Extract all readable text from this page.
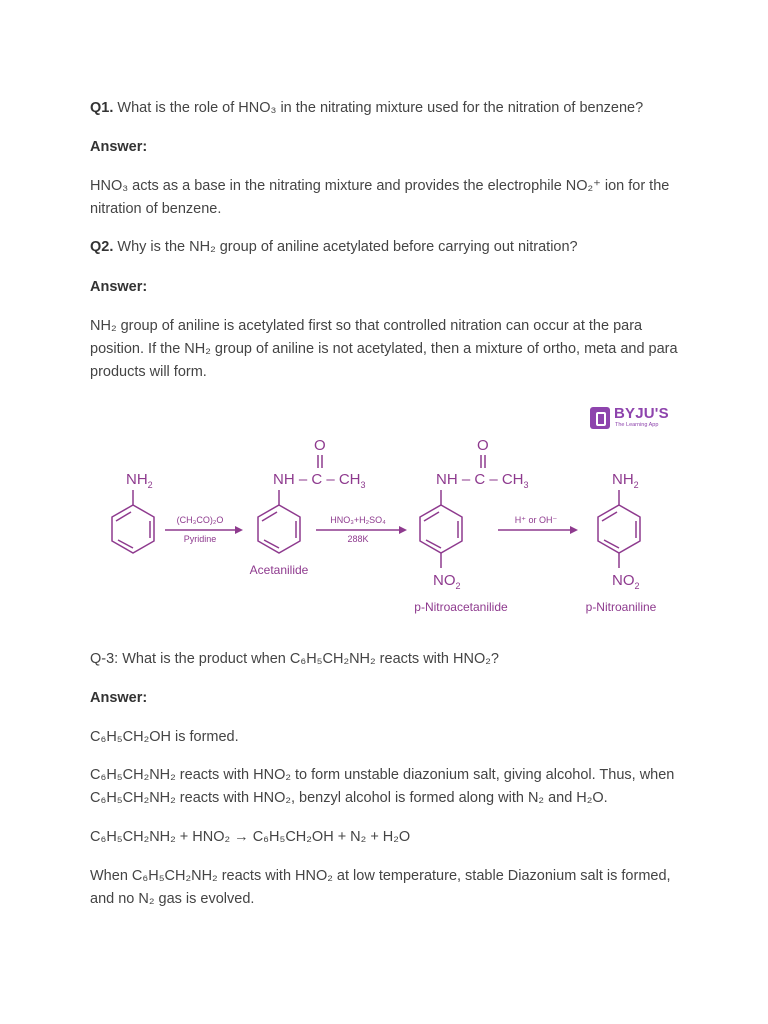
Q1. What is the role of HNO₃ in the nitrating mixture used for the nitration of benzene?

Answer:

HNO₃ acts as a base in the nitrating mixture and provides the electrophile NO₂⁺ ion for the nitration of benzene.

Q2. Why is the NH₂ group of aniline acetylated before carrying out nitration?

Answer:

NH₂ group of aniline is acetylated first so that controlled nitration can occur at the para position. If the NH₂ group of aniline is not acetylated, then a mixture of ortho, meta and para products will form.

BYJU'S
The Learning App
$NH_2$
O
NH – C – $CH_3$
O
NH – C – $CH_3$
$NO_2$
$NH_2$
$NO_2$
(CH₃CO)₂O
Pyridine
HNO₃+H₂SO₄
288K
H⁺ or OH⁻
Acetanilide
p-Nitroacetanilide	p-Nitroaniline

Q-3: What is the product when C₆H₅CH₂NH₂ reacts with HNO₂?

Answer:

C₆H₅CH₂OH is formed.

C₆H₅CH₂NH₂ reacts with HNO₂ to form unstable diazonium salt, giving alcohol. Thus, when C₆H₅CH₂NH₂ reacts with HNO₂, benzyl alcohol is formed along with N₂ and H₂O.

C₆H₅CH₂NH₂ + HNO₂ → C₆H₅CH₂OH + N₂ + H₂O

When C₆H₅CH₂NH₂ reacts with HNO₂ at low temperature, stable Diazonium salt is formed, and no N₂ gas is evolved.
